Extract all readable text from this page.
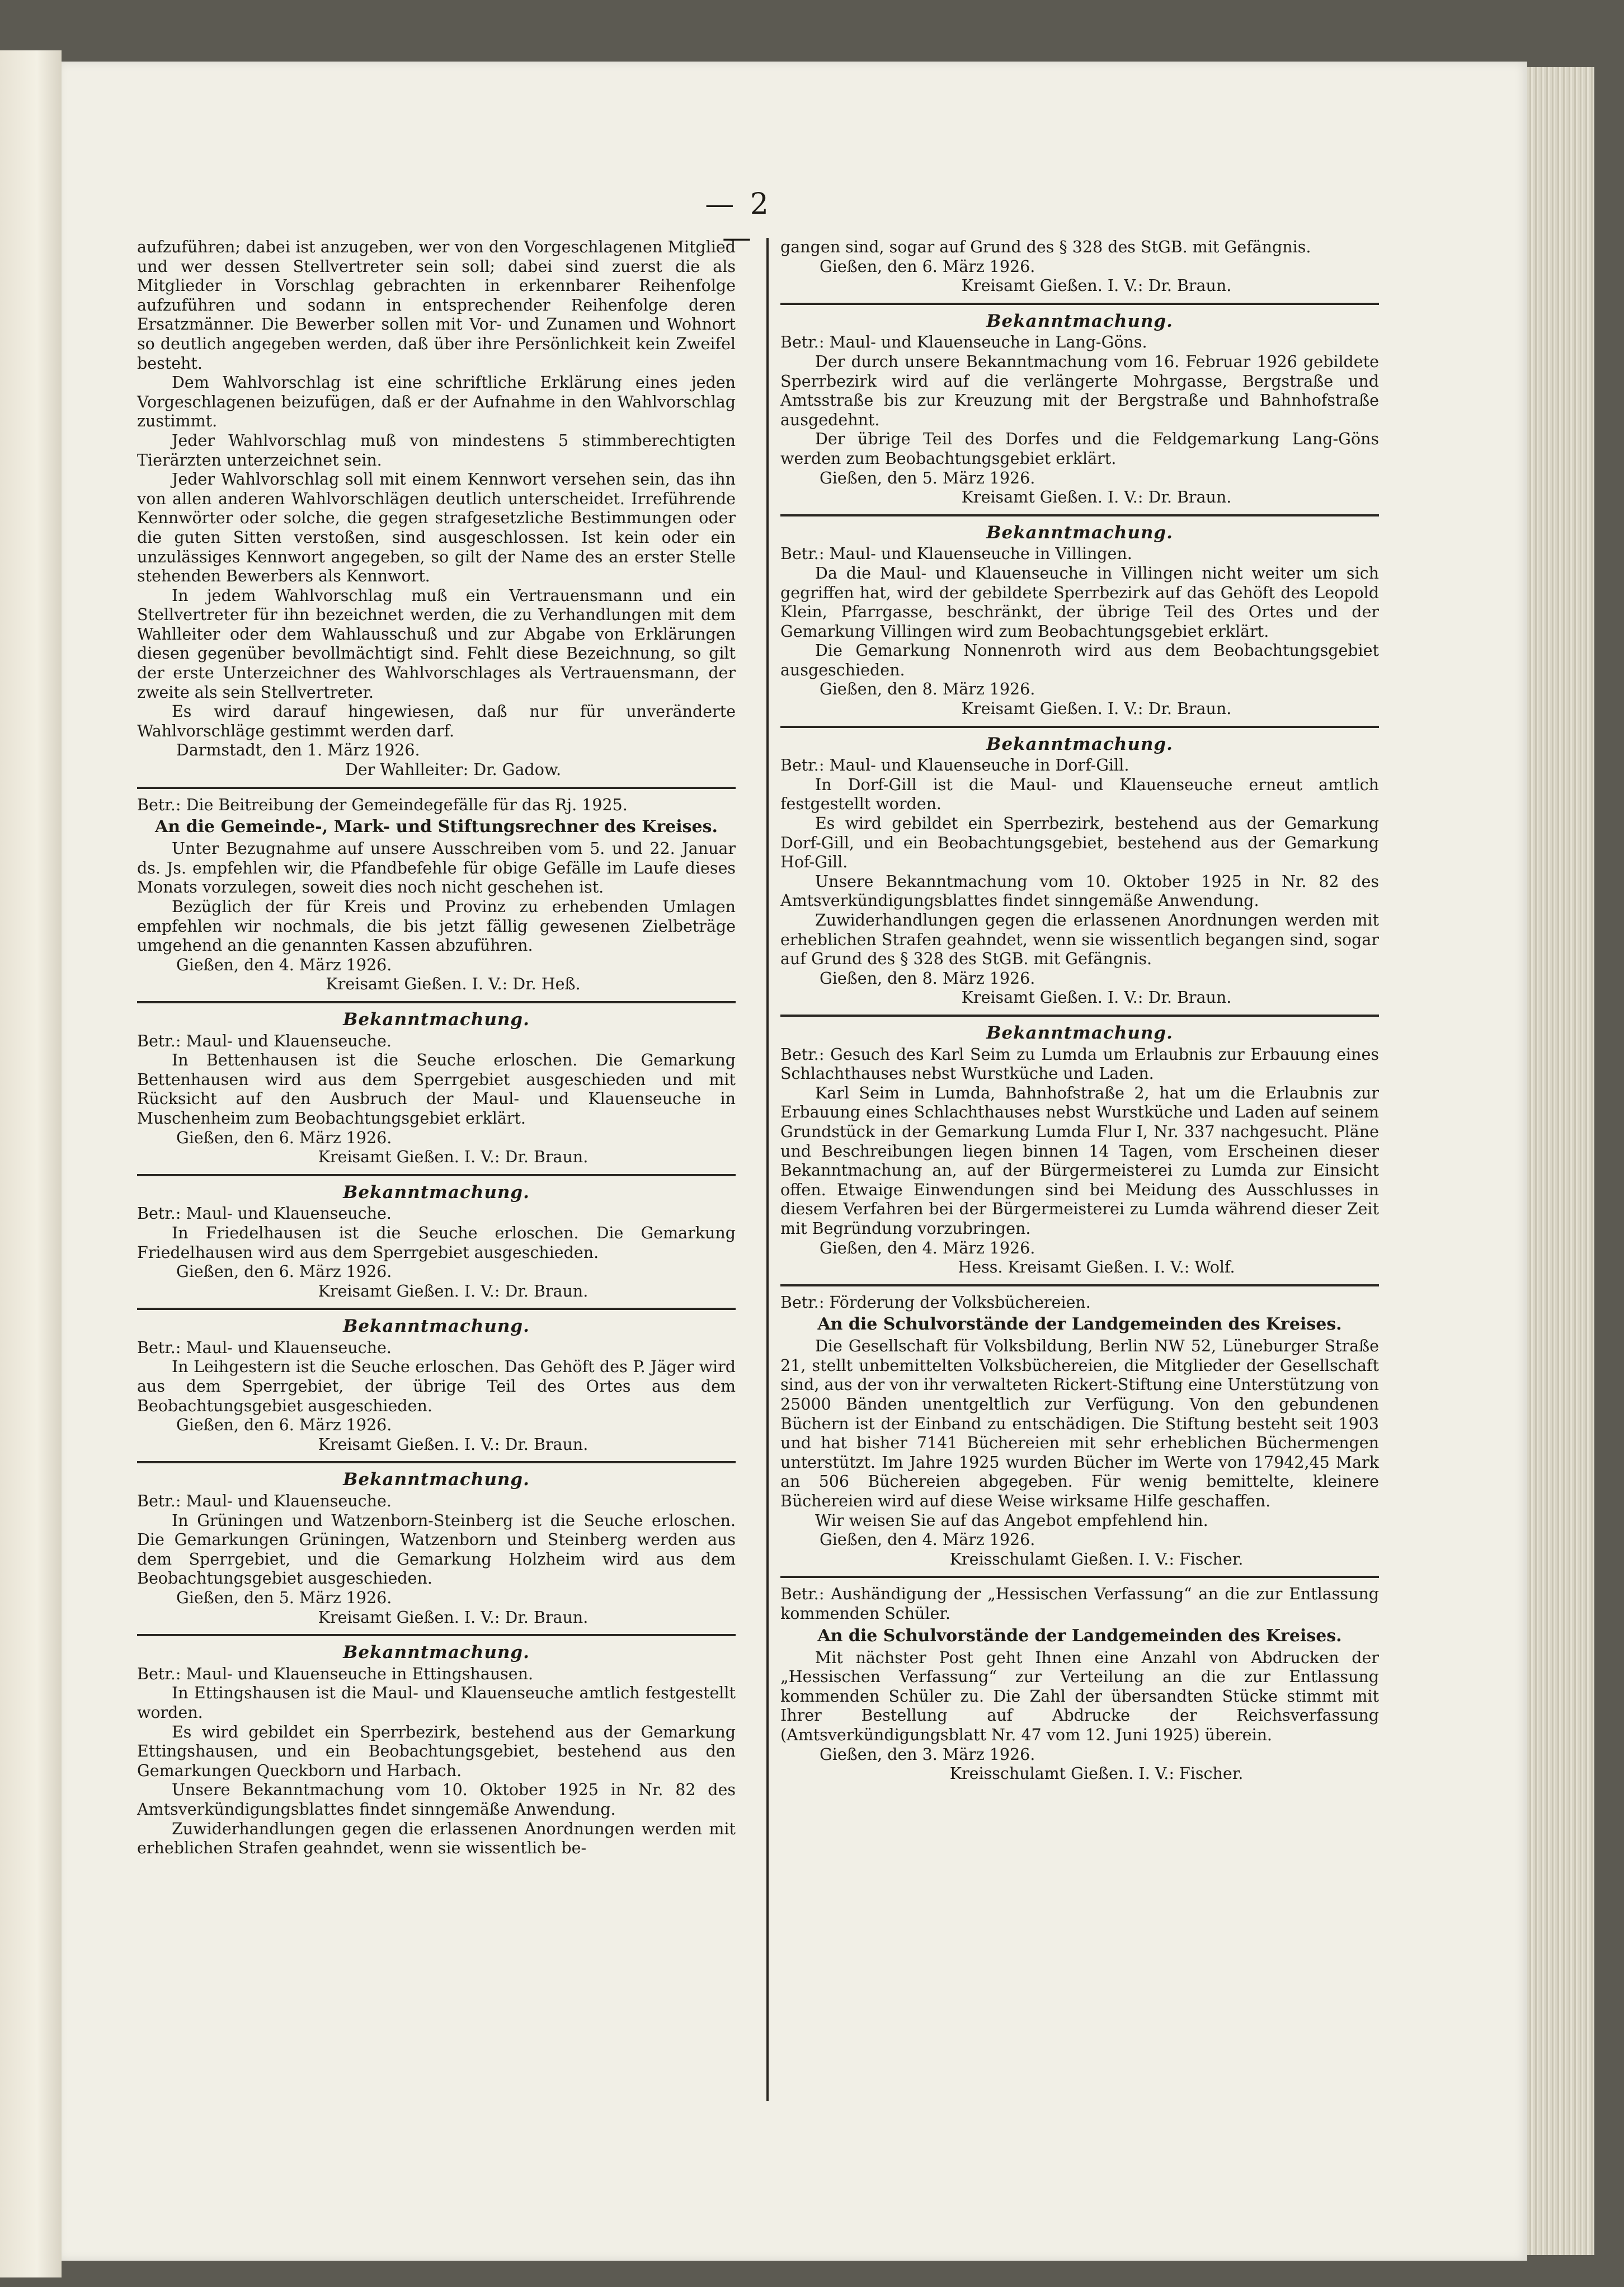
— 2 —

aufzuführen; dabei ist anzugeben, wer von den Vorgeschlagenen Mitglied und wer dessen Stellvertreter sein soll; dabei sind zuerst die als Mitglieder in Vorschlag gebrachten in erkennbarer Reihenfolge aufzuführen und sodann in entsprechender Reihenfolge deren Ersatzmänner. Die Bewerber sollen mit Vor- und Zunamen und Wohnort so deutlich angegeben werden, daß über ihre Persönlichkeit kein Zweifel besteht.

Dem Wahlvorschlag ist eine schriftliche Erklärung eines jeden Vorgeschlagenen beizufügen, daß er der Aufnahme in den Wahlvorschlag zustimmt.

Jeder Wahlvorschlag muß von mindestens 5 stimmberechtigten Tierärzten unterzeichnet sein.

Jeder Wahlvorschlag soll mit einem Kennwort versehen sein, das ihn von allen anderen Wahlvorschlägen deutlich unterscheidet. Irreführende Kennwörter oder solche, die gegen strafgesetzliche Bestimmungen oder die guten Sitten verstoßen, sind ausgeschlossen. Ist kein oder ein unzulässiges Kennwort angegeben, so gilt der Name des an erster Stelle stehenden Bewerbers als Kennwort.

In jedem Wahlvorschlag muß ein Vertrauensmann und ein Stellvertreter für ihn bezeichnet werden, die zu Verhandlungen mit dem Wahlleiter oder dem Wahlausschuß und zur Abgabe von Erklärungen diesen gegenüber bevollmächtigt sind. Fehlt diese Bezeichnung, so gilt der erste Unterzeichner des Wahlvorschlages als Vertrauensmann, der zweite als sein Stellvertreter.

Es wird darauf hingewiesen, daß nur für unveränderte Wahlvorschläge gestimmt werden darf.

Darmstadt, den 1. März 1926.

Der Wahlleiter: Dr. Gadow.

Betr.: Die Beitreibung der Gemeindegefälle für das Rj. 1925.

An die Gemeinde-, Mark- und Stiftungsrechner des Kreises.

Unter Bezugnahme auf unsere Ausschreiben vom 5. und 22. Januar ds. Js. empfehlen wir, die Pfandbefehle für obige Gefälle im Laufe dieses Monats vorzulegen, soweit dies noch nicht geschehen ist.

Bezüglich der für Kreis und Provinz zu erhebenden Umlagen empfehlen wir nochmals, die bis jetzt fällig gewesenen Zielbeträge umgehend an die genannten Kassen abzuführen.

Gießen, den 4. März 1926.

Kreisamt Gießen. I. V.: Dr. Heß.

Bekanntmachung.

Betr.: Maul- und Klauenseuche.

In Bettenhausen ist die Seuche erloschen. Die Gemarkung Bettenhausen wird aus dem Sperrgebiet ausgeschieden und mit Rücksicht auf den Ausbruch der Maul- und Klauenseuche in Muschenheim zum Beobachtungsgebiet erklärt.

Gießen, den 6. März 1926.

Kreisamt Gießen. I. V.: Dr. Braun.

Bekanntmachung.

Betr.: Maul- und Klauenseuche.

In Friedelhausen ist die Seuche erloschen. Die Gemarkung Friedelhausen wird aus dem Sperrgebiet ausgeschieden.

Gießen, den 6. März 1926.

Kreisamt Gießen. I. V.: Dr. Braun.

Bekanntmachung.

Betr.: Maul- und Klauenseuche.

In Leihgestern ist die Seuche erloschen. Das Gehöft des P. Jäger wird aus dem Sperrgebiet, der übrige Teil des Ortes aus dem Beobachtungsgebiet ausgeschieden.

Gießen, den 6. März 1926.

Kreisamt Gießen. I. V.: Dr. Braun.

Bekanntmachung.

Betr.: Maul- und Klauenseuche.

In Grüningen und Watzenborn-Steinberg ist die Seuche erloschen. Die Gemarkungen Grüningen, Watzenborn und Steinberg werden aus dem Sperrgebiet, und die Gemarkung Holzheim wird aus dem Beobachtungsgebiet ausgeschieden.

Gießen, den 5. März 1926.

Kreisamt Gießen. I. V.: Dr. Braun.

Bekanntmachung.

Betr.: Maul- und Klauenseuche in Ettingshausen.

In Ettingshausen ist die Maul- und Klauenseuche amtlich festgestellt worden.

Es wird gebildet ein Sperrbezirk, bestehend aus der Gemarkung Ettingshausen, und ein Beobachtungsgebiet, bestehend aus den Gemarkungen Queckborn und Harbach.

Unsere Bekanntmachung vom 10. Oktober 1925 in Nr. 82 des Amtsverkündigungsblattes findet sinngemäße Anwendung.

Zuwiderhandlungen gegen die erlassenen Anordnungen werden mit erheblichen Strafen geahndet, wenn sie wissentlich be-

gangen sind, sogar auf Grund des § 328 des StGB. mit Gefängnis.

Gießen, den 6. März 1926.

Kreisamt Gießen. I. V.: Dr. Braun.

Bekanntmachung.

Betr.: Maul- und Klauenseuche in Lang-Göns.

Der durch unsere Bekanntmachung vom 16. Februar 1926 gebildete Sperrbezirk wird auf die verlängerte Mohrgasse, Bergstraße und Amtsstraße bis zur Kreuzung mit der Bergstraße und Bahnhofstraße ausgedehnt.

Der übrige Teil des Dorfes und die Feldgemarkung Lang-Göns werden zum Beobachtungsgebiet erklärt.

Gießen, den 5. März 1926.

Kreisamt Gießen. I. V.: Dr. Braun.

Bekanntmachung.

Betr.: Maul- und Klauenseuche in Villingen.

Da die Maul- und Klauenseuche in Villingen nicht weiter um sich gegriffen hat, wird der gebildete Sperrbezirk auf das Gehöft des Leopold Klein, Pfarrgasse, beschränkt, der übrige Teil des Ortes und der Gemarkung Villingen wird zum Beobachtungsgebiet erklärt.

Die Gemarkung Nonnenroth wird aus dem Beobachtungsgebiet ausgeschieden.

Gießen, den 8. März 1926.

Kreisamt Gießen. I. V.: Dr. Braun.

Bekanntmachung.

Betr.: Maul- und Klauenseuche in Dorf-Gill.

In Dorf-Gill ist die Maul- und Klauenseuche erneut amtlich festgestellt worden.

Es wird gebildet ein Sperrbezirk, bestehend aus der Gemarkung Dorf-Gill, und ein Beobachtungsgebiet, bestehend aus der Gemarkung Hof-Gill.

Unsere Bekanntmachung vom 10. Oktober 1925 in Nr. 82 des Amtsverkündigungsblattes findet sinngemäße Anwendung.

Zuwiderhandlungen gegen die erlassenen Anordnungen werden mit erheblichen Strafen geahndet, wenn sie wissentlich begangen sind, sogar auf Grund des § 328 des StGB. mit Gefängnis.

Gießen, den 8. März 1926.

Kreisamt Gießen. I. V.: Dr. Braun.

Bekanntmachung.

Betr.: Gesuch des Karl Seim zu Lumda um Erlaubnis zur Erbauung eines Schlachthauses nebst Wurstküche und Laden.

Karl Seim in Lumda, Bahnhofstraße 2, hat um die Erlaubnis zur Erbauung eines Schlachthauses nebst Wurstküche und Laden auf seinem Grundstück in der Gemarkung Lumda Flur I, Nr. 337 nachgesucht. Pläne und Beschreibungen liegen binnen 14 Tagen, vom Erscheinen dieser Bekanntmachung an, auf der Bürgermeisterei zu Lumda zur Einsicht offen. Etwaige Einwendungen sind bei Meidung des Ausschlusses in diesem Verfahren bei der Bürgermeisterei zu Lumda während dieser Zeit mit Begründung vorzubringen.

Gießen, den 4. März 1926.

Hess. Kreisamt Gießen. I. V.: Wolf.

Betr.: Förderung der Volksbüchereien.

An die Schulvorstände der Landgemeinden des Kreises.

Die Gesellschaft für Volksbildung, Berlin NW 52, Lüneburger Straße 21, stellt unbemittelten Volksbüchereien, die Mitglieder der Gesellschaft sind, aus der von ihr verwalteten Rickert-Stiftung eine Unterstützung von 25000 Bänden unentgeltlich zur Verfügung. Von den gebundenen Büchern ist der Einband zu entschädigen. Die Stiftung besteht seit 1903 und hat bisher 7141 Büchereien mit sehr erheblichen Büchermengen unterstützt. Im Jahre 1925 wurden Bücher im Werte von 17942,45 Mark an 506 Büchereien abgegeben. Für wenig bemittelte, kleinere Büchereien wird auf diese Weise wirksame Hilfe geschaffen.

Wir weisen Sie auf das Angebot empfehlend hin.

Gießen, den 4. März 1926.

Kreisschulamt Gießen. I. V.: Fischer.

Betr.: Aushändigung der „Hessischen Verfassung“ an die zur Entlassung kommenden Schüler.

An die Schulvorstände der Landgemeinden des Kreises.

Mit nächster Post geht Ihnen eine Anzahl von Abdrucken der „Hessischen Verfassung“ zur Verteilung an die zur Entlassung kommenden Schüler zu. Die Zahl der übersandten Stücke stimmt mit Ihrer Bestellung auf Abdrucke der Reichsverfassung (Amtsverkündigungsblatt Nr. 47 vom 12. Juni 1925) überein.

Gießen, den 3. März 1926.

Kreisschulamt Gießen. I. V.: Fischer.
